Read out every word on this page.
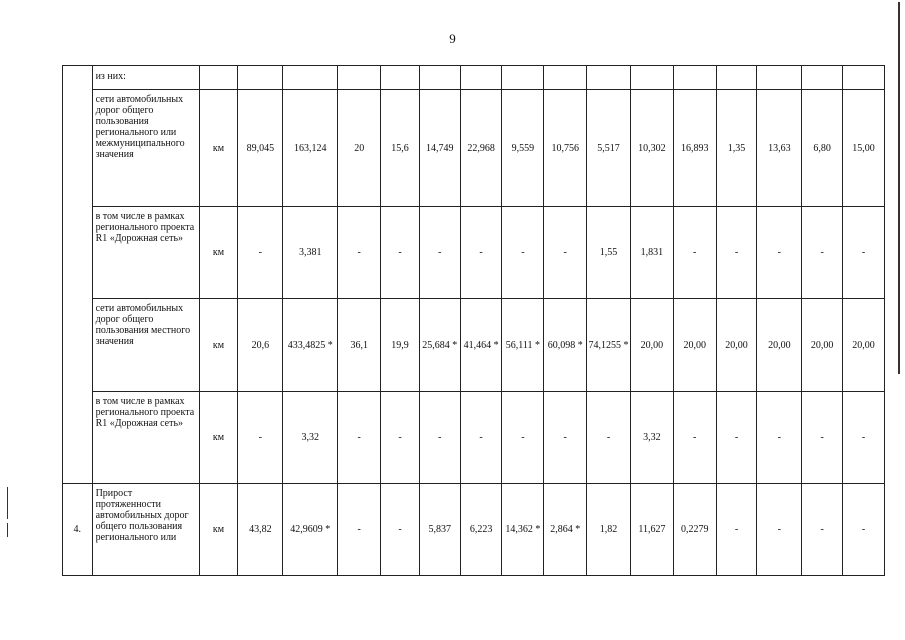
9
	из них:																
	сети автомобильных дорог общего пользования регионального или межмуниципального значения	км	89,045	163,124	20	15,6	14,749	22,968	9,559	10,756	5,517	10,302	16,893	1,35	13,63	6,80	15,00
	в том числе в рамках регионального проекта R1 «Дорожная сеть»	км	-	3,381	-	-	-	-	-	-	1,55	1,831	-	-	-	-	-
	сети автомобильных дорог общего пользования местного значения	км	20,6	433,4825 *	36,1	19,9	25,684 *	41,464 *	56,111 *	60,098 *	74,1255 *	20,00	20,00	20,00	20,00	20,00	20,00
	в том числе в рамках регионального проекта R1 «Дорожная сеть»	км	-	3,32	-	-	-	-	-	-	-	3,32	-	-	-	-	-
4.	Прирост протяженности автомобильных дорог общего пользования регионального или	км	43,82	42,9609 *	-	-	5,837	6,223	14,362 *	2,864 *	1,82	11,627	0,2279	-	-	-	-
